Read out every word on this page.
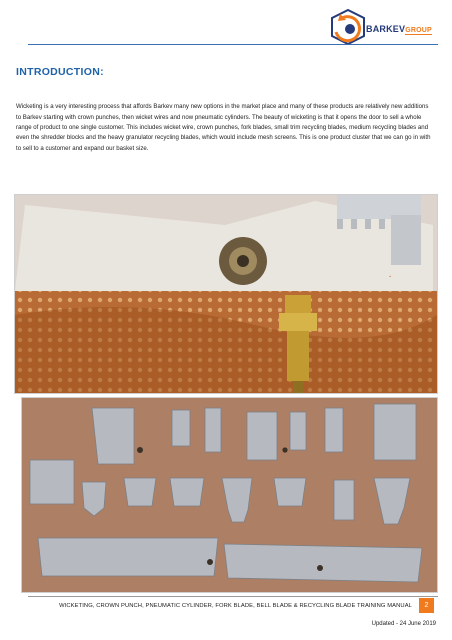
BARKEVGROUP
INTRODUCTION:

Wicketing is a very interesting process that affords Barkev many new options in the market place and many of these products are relatively new additions to Barkev starting with crown punches, then wicket wires and now pneumatic cylinders. The beauty of wicketing is that it opens the door to sell a whole range of product to one single customer. This includes wicket wire, crown punches, fork blades, small trim recycling blades, medium recycling blades and even the shredder blocks and the heavy granulator recycling blades, which would include mesh screens. This is one product cluster that we can go in with to sell to a customer and expand our basket size.

·
WICKETING, CROWN PUNCH, PNEUMATIC CYLINDER, FORK BLADE, BELL BLADE & RECYCLING BLADE TRAINING MANUAL	2
Updated - 24 June 2019
